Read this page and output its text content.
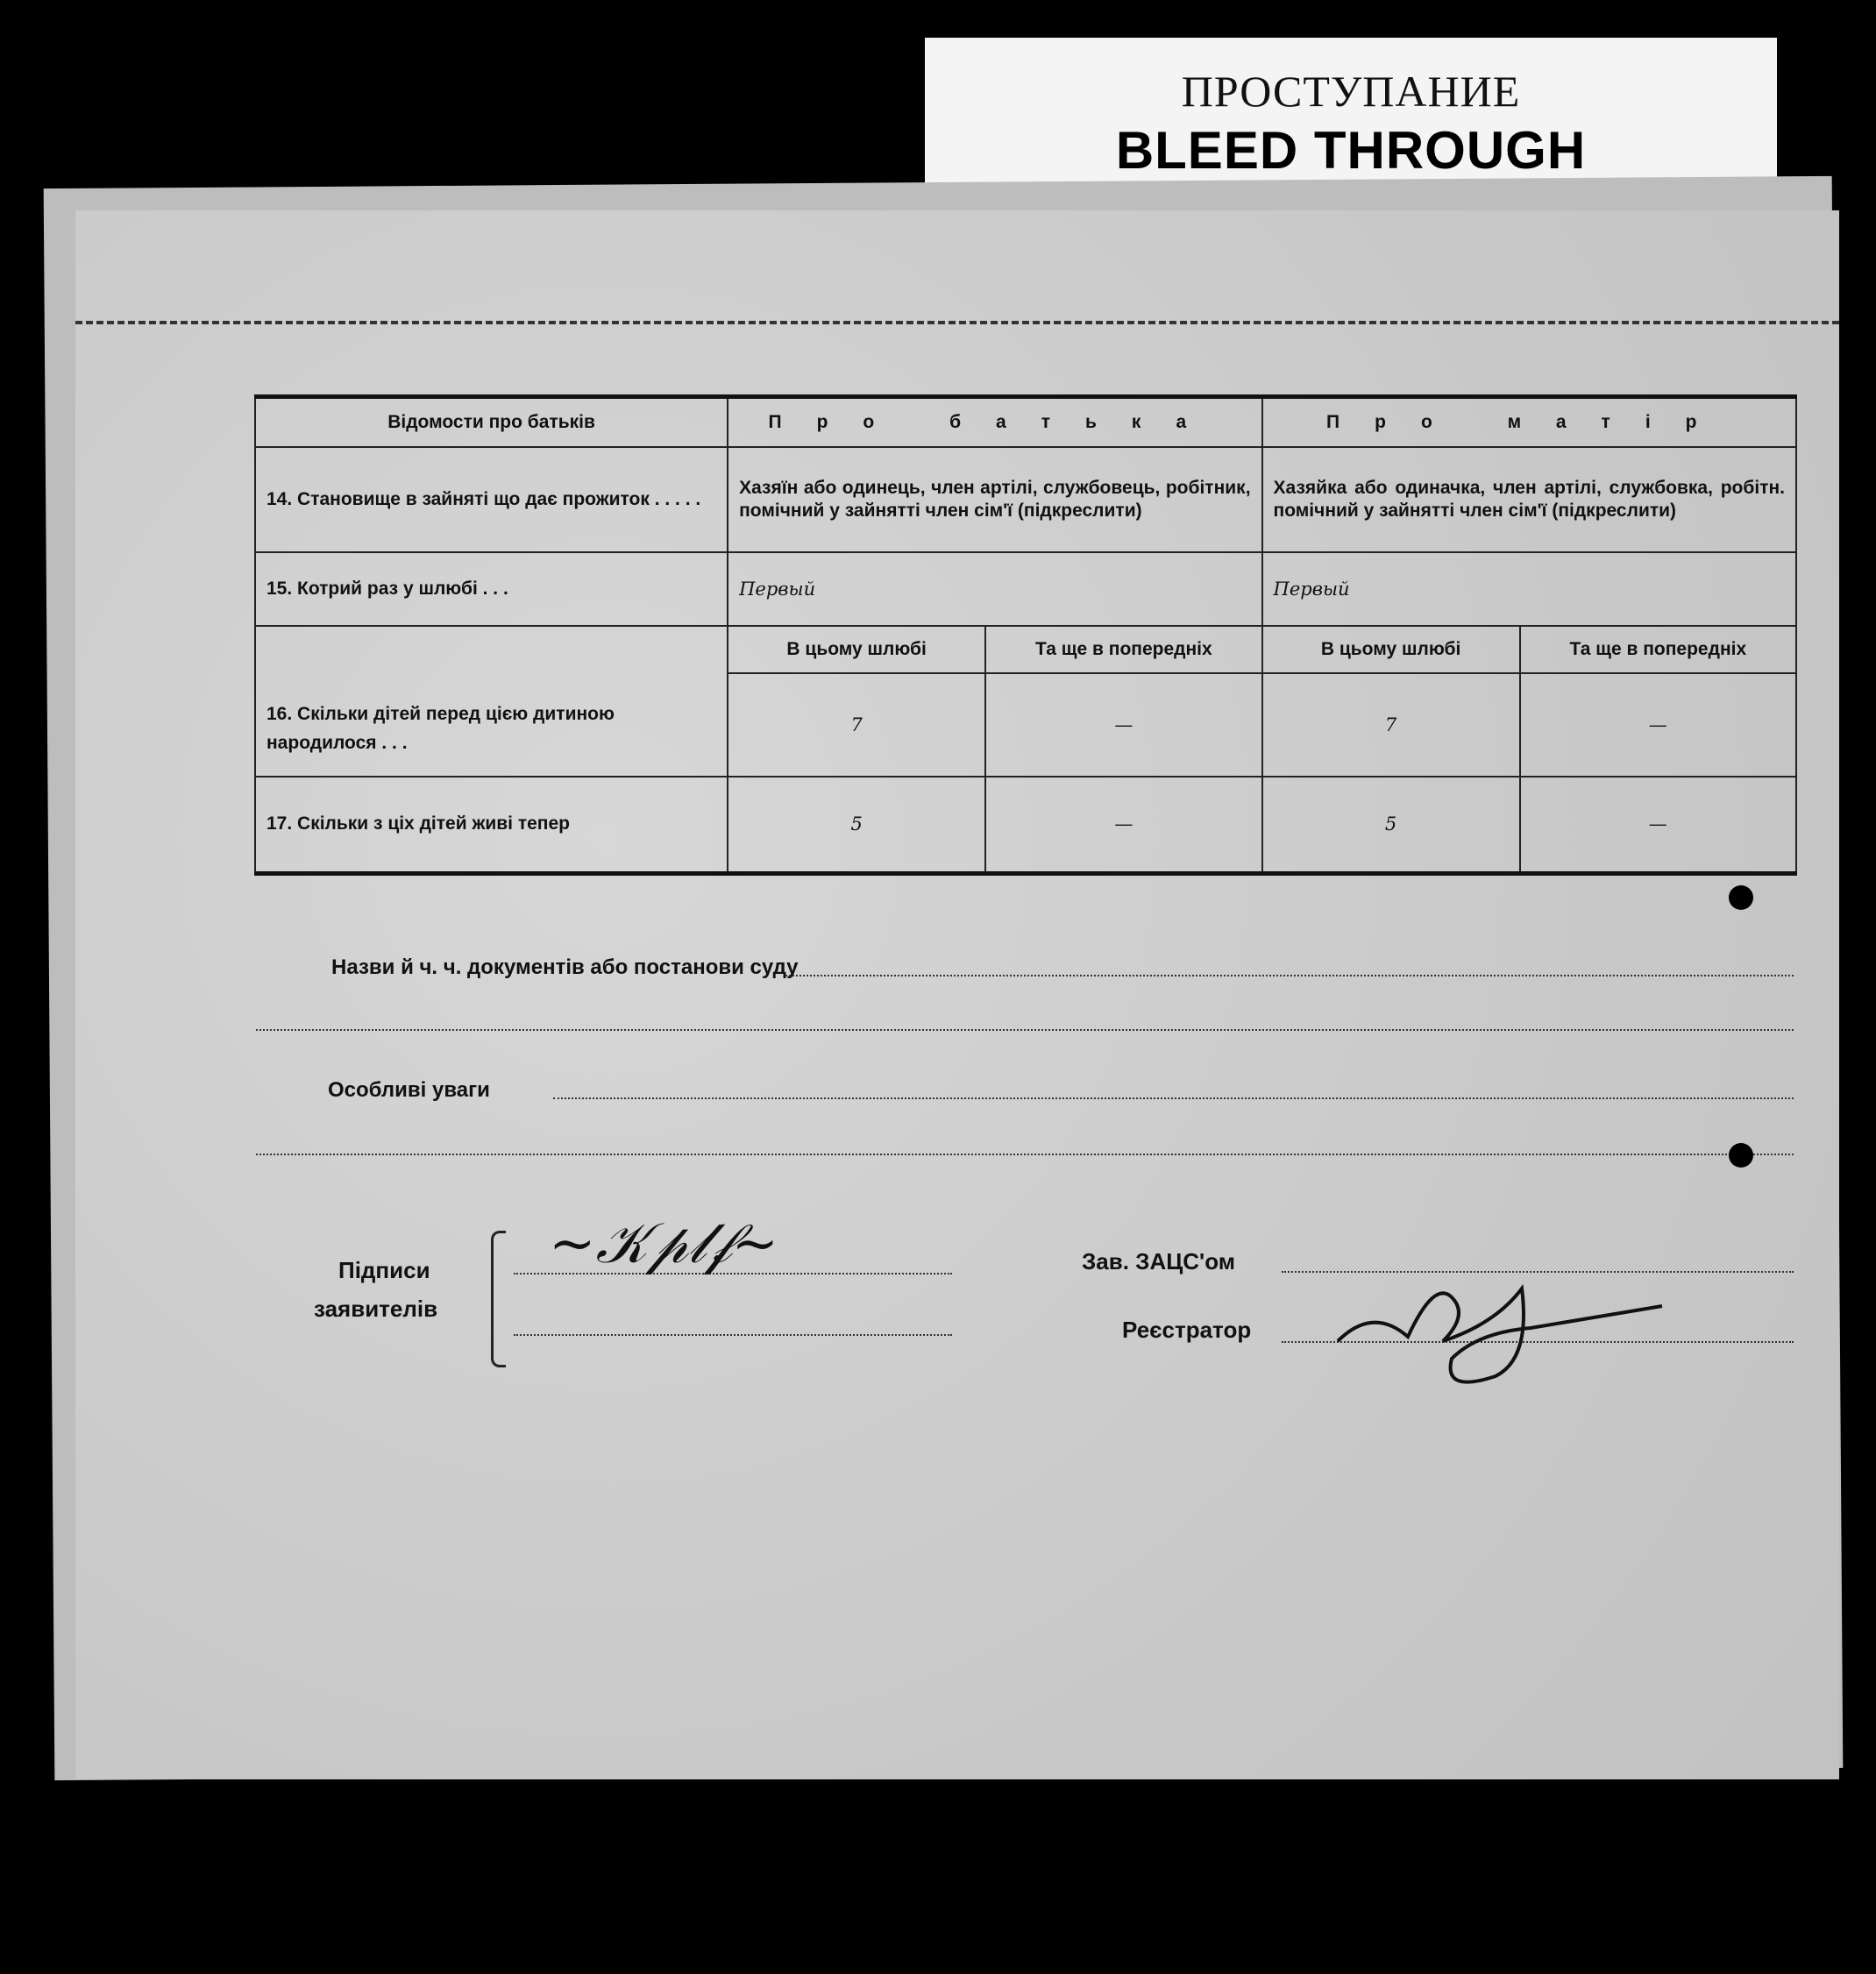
ПРОСТУПАНИЕ
BLEED THROUGH
Відомости про батьків	Про батька		Про матір	
14. Становище в зайняті що дає прожиток . . . . .	Хазяїн або одинець, член артілі, службовець, робітник, помічний у зайнятті член сім'ї (підкреслити)		Хазяйка або одиначка, член артілі, службовка, робітн. помічний у зайнятті член сім'ї (підкреслити)	
15. Котрий раз у шлюбі . . .	Первый		Первый	
16. Скільки дітей перед цією дитиною народилося . . .	В цьому шлюбі	Та ще в попередніх	В цьому шлюбі	Та ще в попередніх
	7	—	7	—
17. Скільки з ціх дітей живі тепер	5	—	5	—
Назви й ч. ч. документів або постанови суду
Особливі уваги
Підписи
заявителів
~𝒦𝓅𝓁𝒻~	Зав. ЗАЦС'ом
Реєстратор
